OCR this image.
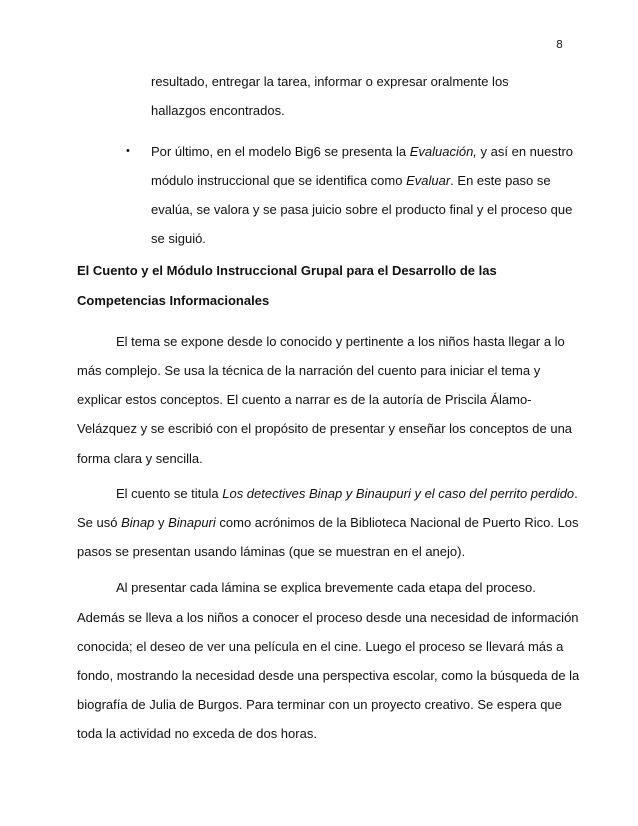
8
resultado, entregar la tarea, informar o expresar oralmente los
hallazgos encontrados.
• Por último, en el modelo Big6 se presenta la Evaluación, y así en nuestro
módulo instruccional que se identifica como Evaluar. En este paso se
evalúa, se valora y se pasa juicio sobre el producto final y el proceso que
se siguió.
El Cuento y el Módulo Instruccional Grupal para el Desarrollo de las
Competencias Informacionales
El tema se expone desde lo conocido y pertinente a los niños hasta llegar a lo
más complejo. Se usa la técnica de la narración del cuento para iniciar el tema y
explicar estos conceptos. El cuento a narrar es de la autoría de Priscila Álamo-
Velázquez y se escribió con el propósito de presentar y enseñar los conceptos de una
forma clara y sencilla.
El cuento se titula Los detectives Binap y Binaupuri y el caso del perrito perdido.
Se usó Binap y Binapuri como acrónimos de la Biblioteca Nacional de Puerto Rico. Los
pasos se presentan usando láminas (que se muestran en el anejo).
Al presentar cada lámina se explica brevemente cada etapa del proceso.
Además se lleva a los niños a conocer el proceso desde una necesidad de información
conocida; el deseo de ver una película en el cine. Luego el proceso se llevará más a
fondo, mostrando la necesidad desde una perspectiva escolar, como la búsqueda de la
biografía de Julia de Burgos. Para terminar con un proyecto creativo. Se espera que
toda la actividad no exceda de dos horas.
